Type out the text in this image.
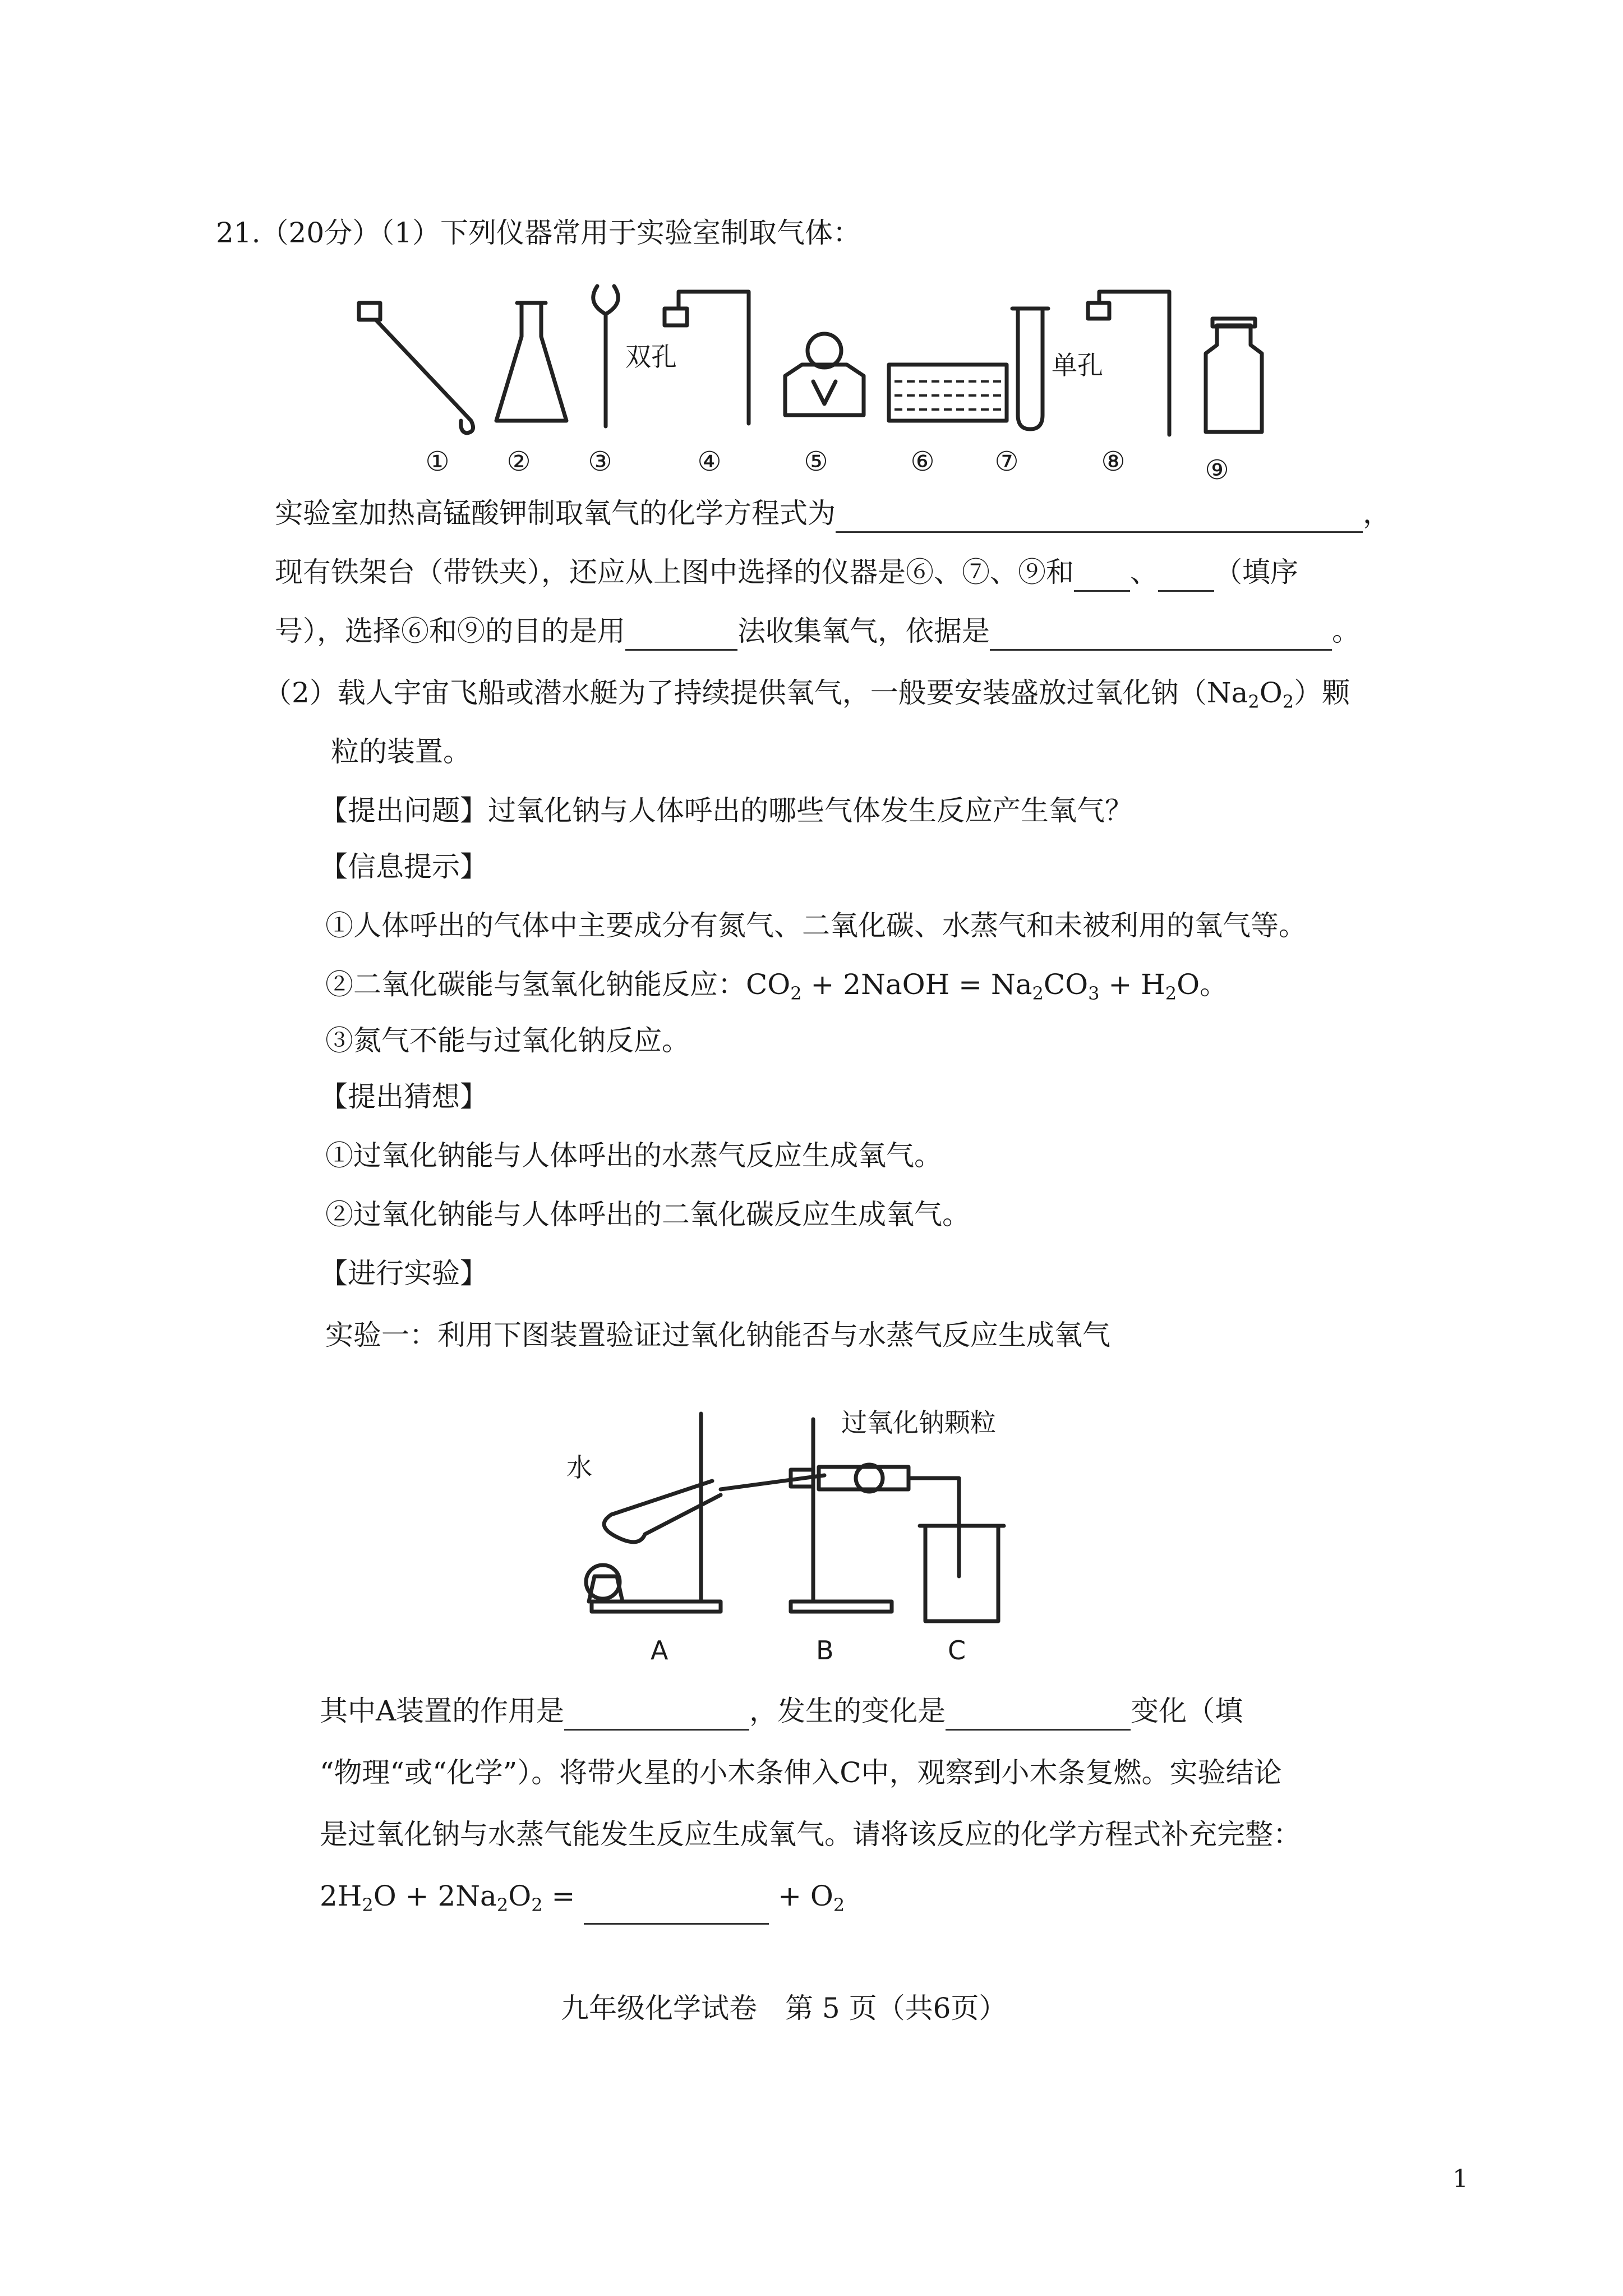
21.（20分）（1）下列仪器常用于实验室制取气体：
双孔	单孔
①	②	③	④	⑤	⑥	⑦	⑧	⑨
实验室加热高锰酸钾制取氧气的化学方程式为	，
现有铁架台（带铁夹），还应从上图中选择的仪器是⑥、⑦、⑨和 、 （填序
号），选择⑥和⑨的目的是用	法收集氧气，依据是	。
（2）载人宇宙飞船或潜水艇为了持续提供氧气，一般要安装盛放过氧化钠$(Na_2O_2)$颗
粒的装置。
【提出问题】过氧化钠与人体呼出的哪些气体发生反应产生氧气？
【信息提示】
①人体呼出的气体中主要成分有氮气、二氧化碳、水蒸气和未被利用的氧气等。
②二氧化碳能与氢氧化钠能反应：$CO_2$ + 2NaOH = $Na_2CO_3 + H_2O$。
③氮气不能与过氧化钠反应。
【提出猜想】
①过氧化钠能与人体呼出的水蒸气反应生成氧气。
②过氧化钠能与人体呼出的二氧化碳反应生成氧气。
【进行实验】
实验一：利用下图装置验证过氧化钠能否与水蒸气反应生成氧气
水
过氧化钠颗粒
A	B	C
其中A装置的作用是	，发生的变化是	变化（填
“物理“或“化学”）。将带火星的小木条伸入C中，观察到小木条复燃。实验结论
是过氧化钠与水蒸气能发生反应生成氧气。请将该反应的化学方程式补充完整：
$2H_2O + 2Na_2O_2$ =	+ $O_2$
九年级化学试卷　第 5 页（共6页）
1
